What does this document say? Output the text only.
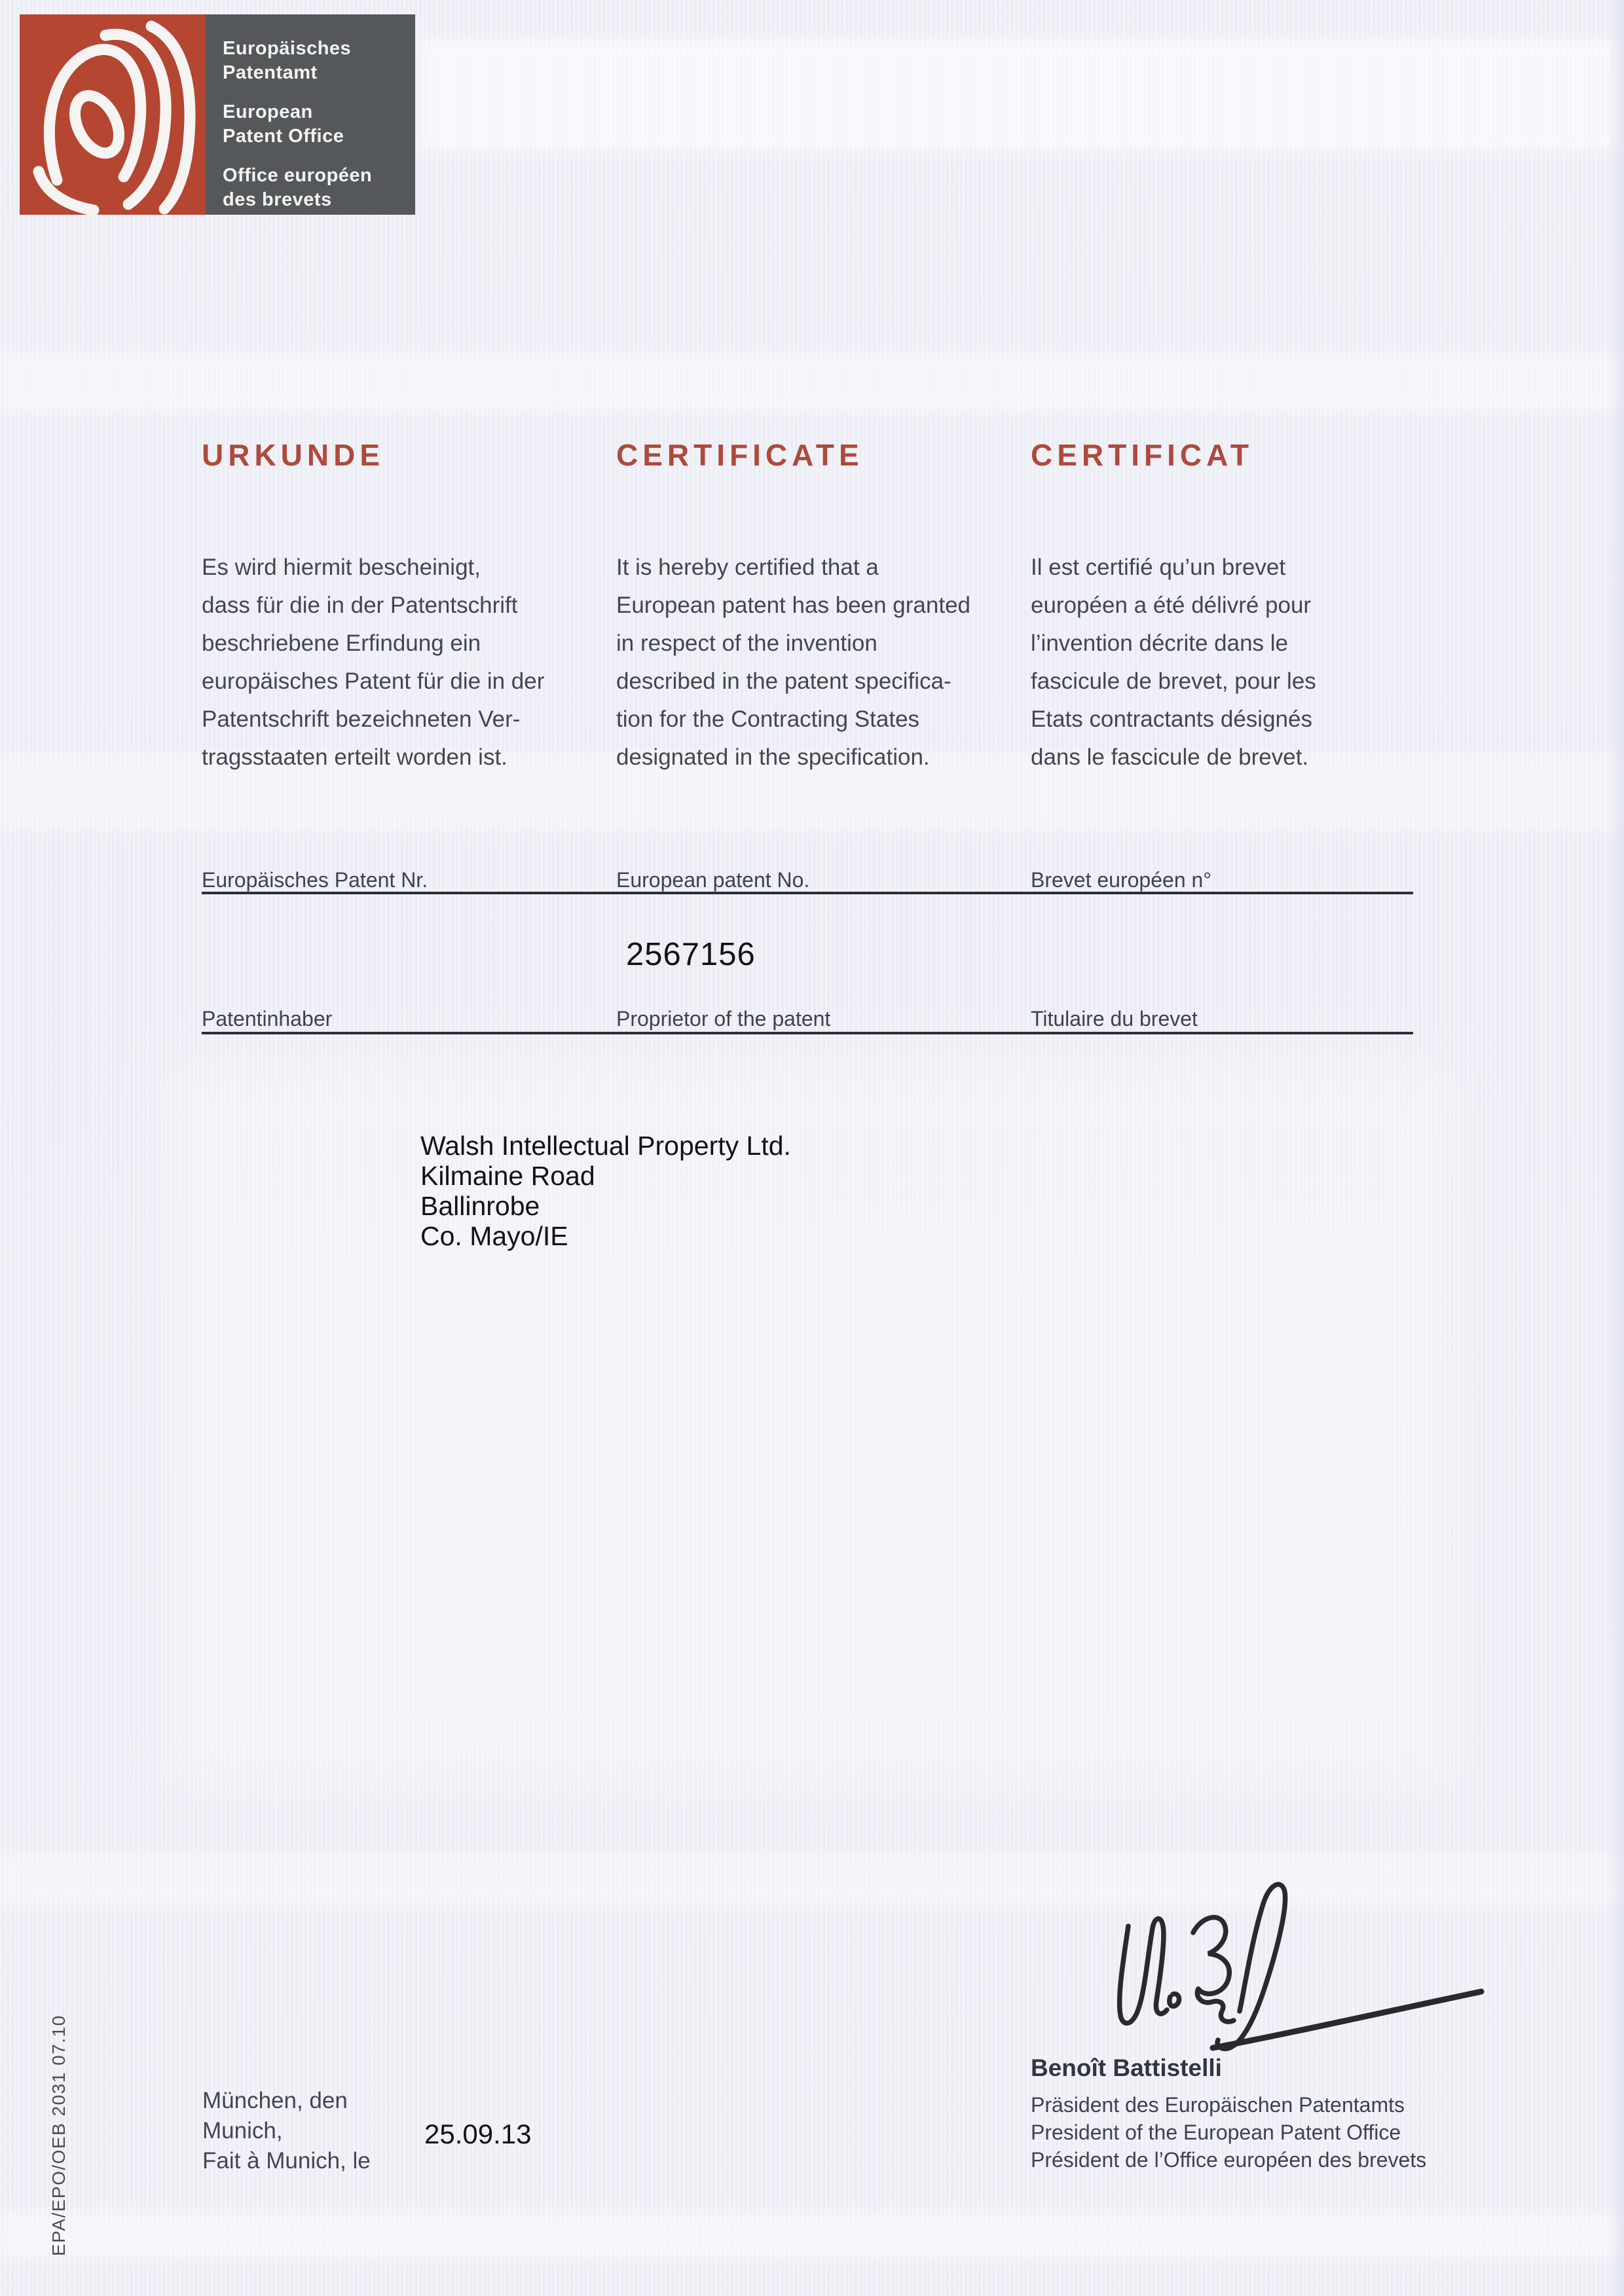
Europäisches
Patentamt
European
Patent Office
Office européen
des brevets
URKUNDE	CERTIFICATE	CERTIFICAT
Es wird hiermit bescheinigt,
dass für die in der Patentschrift
beschriebene Erfindung ein
europäisches Patent für die in der
Patentschrift bezeichneten Ver-
tragsstaaten erteilt worden ist.
It is hereby certified that a
European patent has been granted
in respect of the invention
described in the patent specifica-
tion for the Contracting States
designated in the specification.
Il est certifié qu’un brevet
européen a été délivré pour
l’invention décrite dans le
fascicule de brevet, pour les
Etats contractants désignés
dans le fascicule de brevet.
Europäisches Patent Nr.	European patent No.	Brevet européen n°
2567156
Patentinhaber	Proprietor of the patent	Titulaire du brevet
Walsh Intellectual Property Ltd.
Kilmaine Road
Ballinrobe
Co. Mayo/IE
Benoît Battistelli
Präsident des Europäischen Patentamts
President of the European Patent Office
Président de l’Office européen des brevets
München, den
Munich,
Fait à Munich, le
25.09.13
EPA/EPO/OEB 2031 07.10
